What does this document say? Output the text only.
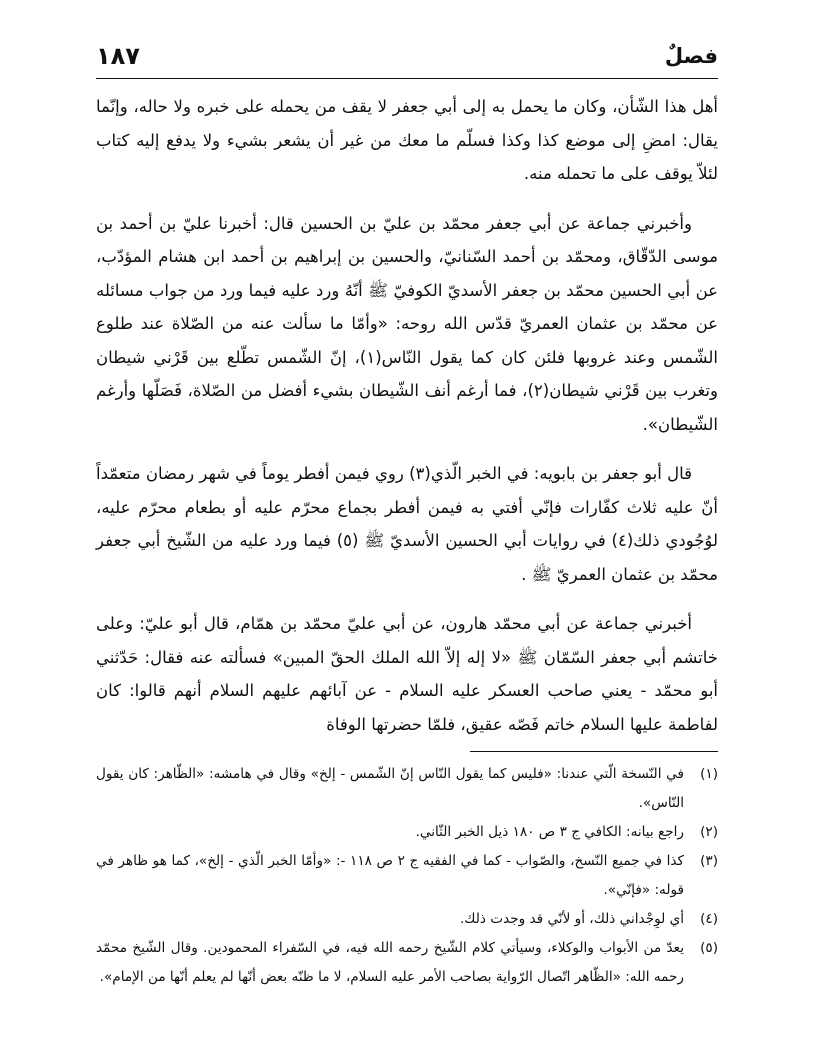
١٨٧	فصلٌ

أهل هذا الشّأن، وكان ما يحمل به إلى أبي جعفر لا يقف من يحمله على خبره ولا حاله، وإنّما يقال: امضِ إلى موضع كذا وكذا فسلّم ما معك من غير أن يشعر بشيء ولا يدفع إليه كتاب لئلاّ يوقف على ما تحمله منه.

وأخبرني جماعة عن أبي جعفر محمّد بن عليّ بن الحسين قال: أخبرنا عليّ بن أحمد بن موسى الدّقّاق، ومحمّد بن أحمد السّنانيّ، والحسين بن إبراهيم بن أحمد ابن هشام المؤدّب، عن أبي الحسين محمّد بن جعفر الأسديّ الكوفيّ ﷺ أنّهُ ورد عليه فيما ورد من جواب مسائله عن محمّد بن عثمان العمريّ قدّس الله روحه: «وأمّا ما سألت عنه من الصّلاة عند طلوع الشّمس وعند غروبها فلئن كان كما يقول النّاس(١)، إنّ الشّمس تطّلع بين قَرْني شيطان وتغرب بين قَرْني شيطان(٢)، فما أرغم أنف الشّيطان بشيء أفضل من الصّلاة، فَصَلّها وأرغم الشّيطان».

قال أبو جعفر بن بابويه: في الخبر الّذي(٣) روي فيمن أفطر يوماً في شهر رمضان متعمّداً أنّ عليه ثلاث كفّارات فإنّي أفتي به فيمن أفطر بجماع محرّم عليه أو بطعام محرّم عليه، لوُجُودي ذلك(٤) في روايات أبي الحسين الأسديّ ﷺ (٥) فيما ورد عليه من الشّيخ أبي جعفر محمّد بن عثمان العمريّ ﷺ .

أخبرني جماعة عن أبي محمّد هارون، عن أبي عليّ محمّد بن همّام، قال أبو عليّ: وعلى خاتشم أبي جعفر السّمّان ﷺ «لا إله إلاّ الله الملك الحقّ المبين» فسألته عنه فقال: حَدّثني أبو محمّد - يعني صاحب العسكر عليه السلام - عن آبائهم عليهم السلام أنهم قالوا: كان لفاطمة عليها السلام خاتم فَصّه عقيق، فلمّا حضرتها الوفاة

(١)
في النّسخة الّتي عندنا: «فليس كما يقول النّاس إنّ الشّمس - إلخ» وقال في هامشه: «الظّاهر: كان يقول النّاس».
(٢)
راجع بيانه: الكافي ج ٣ ص ١٨٠ ذيل الخبر الثّاني.
(٣)
كذا في جميع النّسخ، والصّواب - كما في الفقيه ج ٢ ص ١١٨ -: «وأمّا الخبر الّذي - إلخ»، كما هو ظاهر في قوله: «فإنّي».
(٤)
أي لوِجْداني ذلك، أو لأنّي قد وجدت ذلك.
(٥)
يعدّ من الأبواب والوكلاء، وسيأتي كلام الشّيخ رحمه الله فيه، في السّفراء المحمودين. وقال الشّيخ محمّد رحمه الله: «الظّاهر اتّصال الرّواية بصاحب الأمر عليه السلام، لا ما ظنّه بعض أنّها لم يعلم أنّها من الإمام».
